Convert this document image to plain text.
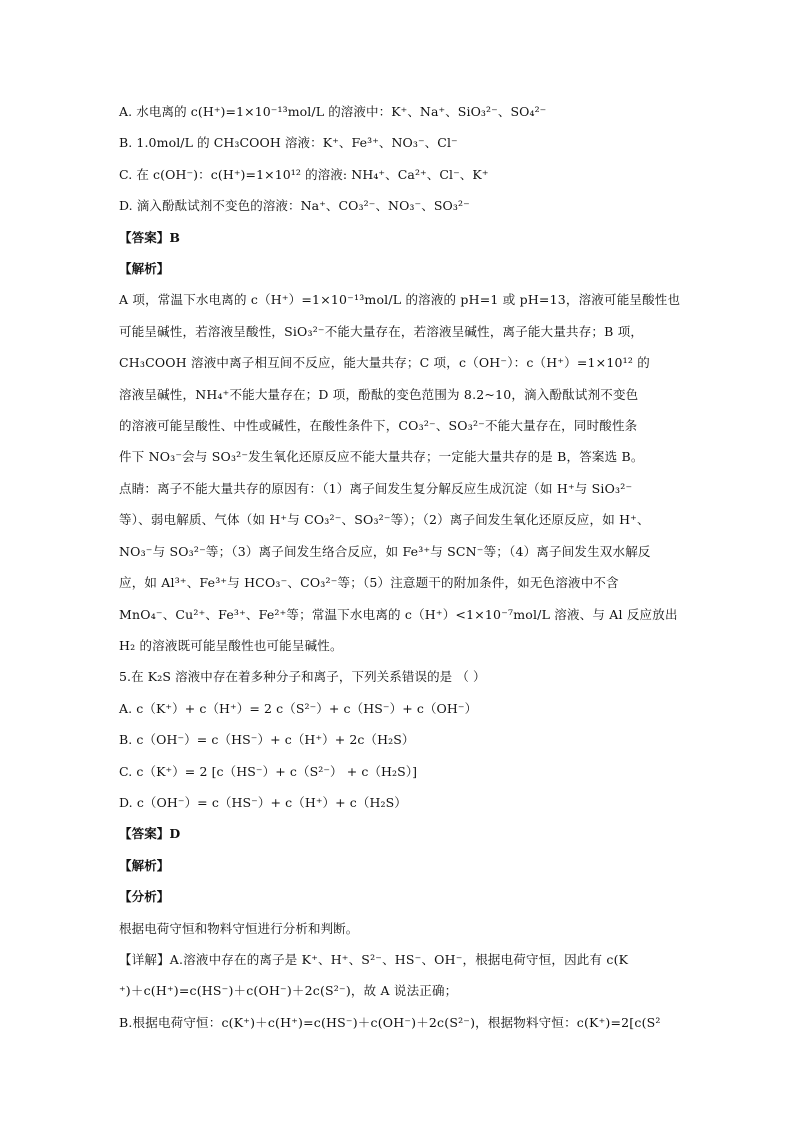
A. 水电离的 c(H⁺)=1×10⁻¹³mol/L 的溶液中：K⁺、Na⁺、SiO₃²⁻、SO₄²⁻
B. 1.0mol/L 的 CH₃COOH 溶液：K⁺、Fe³⁺、NO₃⁻、Cl⁻
C. 在 c(OH⁻)：c(H⁺)=1×10¹² 的溶液: NH₄⁺、Ca²⁺、Cl⁻、K⁺
D. 滴入酚酞试剂不变色的溶液：Na⁺、CO₃²⁻、NO₃⁻、SO₃²⁻
【答案】B
【解析】
A 项，常温下水电离的 c（H⁺）=1×10⁻¹³mol/L 的溶液的 pH=1 或 pH=13，溶液可能呈酸性也
可能呈碱性，若溶液呈酸性，SiO₃²⁻不能大量存在，若溶液呈碱性，离子能大量共存；B 项，
CH₃COOH 溶液中离子相互间不反应，能大量共存；C 项，c（OH⁻）：c（H⁺）=1×10¹² 的
溶液呈碱性，NH₄⁺不能大量存在；D 项，酚酞的变色范围为 8.2~10，滴入酚酞试剂不变色
的溶液可能呈酸性、中性或碱性，在酸性条件下，CO₃²⁻、SO₃²⁻不能大量存在，同时酸性条
件下 NO₃⁻会与 SO₃²⁻发生氧化还原反应不能大量共存；一定能大量共存的是 B，答案选 B。
点睛：离子不能大量共存的原因有：（1）离子间发生复分解反应生成沉淀（如 H⁺与 SiO₃²⁻
等）、弱电解质、气体（如 H⁺与 CO₃²⁻、SO₃²⁻等）；（2）离子间发生氧化还原反应，如 H⁺、
NO₃⁻与 SO₃²⁻等；（3）离子间发生络合反应，如 Fe³⁺与 SCN⁻等；（4）离子间发生双水解反
应，如 Al³⁺、Fe³⁺与 HCO₃⁻、CO₃²⁻等；（5）注意题干的附加条件，如无色溶液中不含
MnO₄⁻、Cu²⁺、Fe³⁺、Fe²⁺等；常温下水电离的 c（H⁺）<1×10⁻⁷mol/L 溶液、与 Al 反应放出
H₂ 的溶液既可能呈酸性也可能呈碱性。
5.在 K₂S 溶液中存在着多种分子和离子，下列关系错误的是 （ ）
A. c（K⁺）+ c（H⁺）= 2 c（S²⁻）+ c（HS⁻）+ c（OH⁻）
B. c（OH⁻）= c（HS⁻）+ c（H⁺）+ 2c（H₂S）
C. c（K⁺）= 2 [c（HS⁻）+ c（S²⁻） + c（H₂S）]
D. c（OH⁻）= c（HS⁻）+ c（H⁺）+ c（H₂S）
【答案】D
【解析】
【分析】
根据电荷守恒和物料守恒进行分析和判断。
【详解】A.溶液中存在的离子是 K⁺、H⁺、S²⁻、HS⁻、OH⁻，根据电荷守恒，因此有 c(K
⁺)＋c(H⁺)=c(HS⁻)＋c(OH⁻)＋2c(S²⁻)，故 A 说法正确；
B.根据电荷守恒：c(K⁺)＋c(H⁺)=c(HS⁻)＋c(OH⁻)＋2c(S²⁻)，根据物料守恒：c(K⁺)=2[c(S²
